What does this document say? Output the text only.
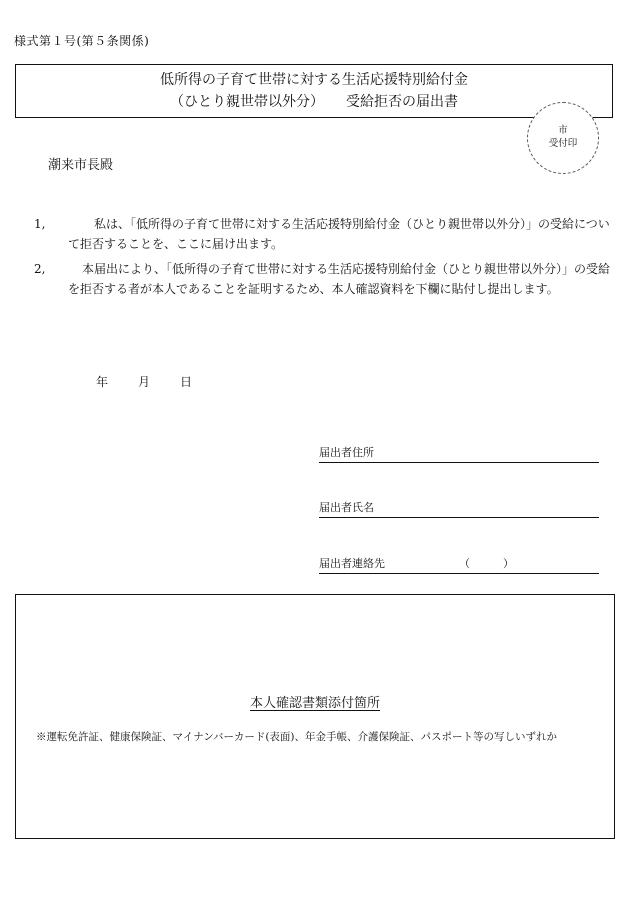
様式第１号(第５条関係)
低所得の子育て世帯に対する生活応援特別給付金
（ひとり親世帯以外分） 受給拒否の届出書
市
受付印
潮来市長殿
1,	私は、「低所得の子育て世帯に対する生活応援特別給付金（ひとり親世帯以外分）」の受給について拒否することを、ここに届け出ます。
2,	本届出により、「低所得の子育て世帯に対する生活応援特別給付金（ひとり親世帯以外分）」の受給を拒否する者が本人であることを証明するため、本人確認資料を下欄に貼付し提出します。
年	月	日
届出者住所
届出者氏名
届出者連絡先	（　　　）
本人確認書類添付箇所
※運転免許証、健康保険証、マイナンバーカード(表面)、年金手帳、介護保険証、パスポート等の写しいずれか
